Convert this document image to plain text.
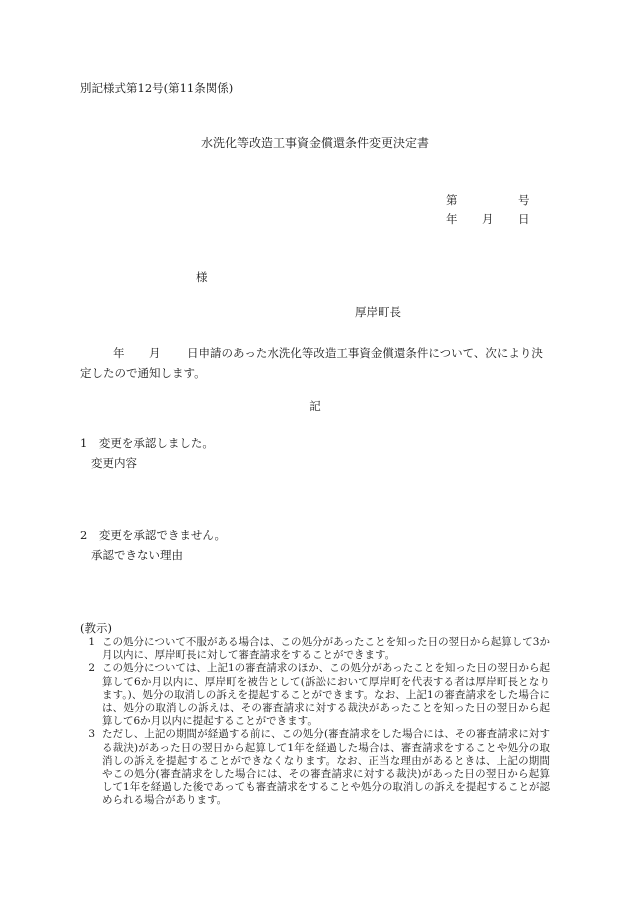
別記様式第12号(第11条関係)
水洗化等改造工事資金償還条件変更決定書
第	号
年 月 日
様
厚岸町長
年 月 日申請のあった水洗化等改造工事資金償還条件について、次により決定したので通知します。
記
1　変更を承認しました。
変更内容
2　変更を承認できません。
承認できない理由
(教示)
1 この処分について不服がある場合は、この処分があったことを知った日の翌日から起算して3か月以内に、厚岸町長に対して審査請求をすることができます。
2 この処分については、上記1の審査請求のほか、この処分があったことを知った日の翌日から起算して6か月以内に、厚岸町を被告として(訴訟において厚岸町を代表する者は厚岸町長となります。)、処分の取消しの訴えを提起することができます。なお、上記1の審査請求をした場合には、処分の取消しの訴えは、その審査請求に対する裁決があったことを知った日の翌日から起算して6か月以内に提起することができます。
3 ただし、上記の期間が経過する前に、この処分(審査請求をした場合には、その審査請求に対する裁決)があった日の翌日から起算して1年を経過した場合は、審査請求をすることや処分の取消しの訴えを提起することができなくなります。なお、正当な理由があるときは、上記の期間やこの処分(審査請求をした場合には、その審査請求に対する裁決)があった日の翌日から起算して1年を経過した後であっても審査請求をすることや処分の取消しの訴えを提起することが認められる場合があります。
